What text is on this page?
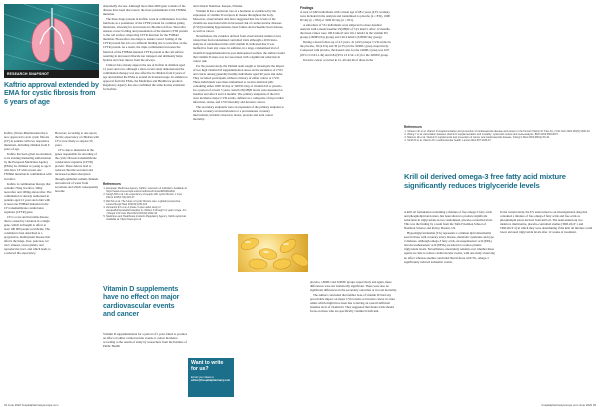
RESEARCH SNAPSHOT
Kaftrio approval extended by EMA for cystic fibrosis from 6 years of age

Kaftrio (Vertex Pharmaceuticals) is now approved to treat cystic fibrosis (CF) in patients with two responsive mutations, including children from 6 years of age.

Kaftrio has been given an extension to its existing marketing authorisation by the European Medicines Agency (EMA) for children as young as age 6 who have CF with at least one F508del mutation in combination with ivacaftor.

Kaftrio is combination therapy that contains 75mg ivacaftor, 50mg tezacaftor and 100mg elexacaftor. The combination is already authorised in patients aged 12 years and older with at least one F508del mutation in the CF transmembrane conductance regulator (CFTR) gene.

CF is a rare and incurable disease that is caused by variation in a single gene, which is thought to affect at least 100 000 people worldwide. The condition is best described as a progressive, multisystem disease that affects the lungs, liver, pancreas, GI tract, sinuses, sweat glands, and reproductive tract, and which leads to a reduced life expectancy.

However, according to one report, the life expectancy of children with CF is now likely to surpass 50 years.

CF is due to mutations in the genes responsible for encoding of the cystic fibrosis transmembrane conductance regulator (CFTR) protein. These defects lead to reduced chloride secretion and increased sodium absorption through epithelial sodium channels and removal of water from secretions and which consequently become

abnormally viscous. Although more than 2000 gene variants of the disease have been discovered, the most predominant is the F508del mutation.

The three drugs present in Kaftrio work in combination. Ivacaftor functions as a potentiator of the CFTR protein for common gating mutations, allowing for an increase in chloride ion flow. Tezacaftor ensures correct folding and presentation of the mutant CFTR protein to the cell surface, improving CFTR function for the F508del mutation. Elexacaftor also helps to ensure correct folding of the CFTR protein but acts at a different binding site to tezacaftor on the CFTR protein. As a result, the triple combination increases the function of the F508del-mutated CFTR protein at the cell surface resulting in increased chloride ion transport and ultimately helps hydrate and clear mucus from the airways.

Clinical data already support the use of Kaftrio in children aged 12 years and over, although a more recent study demonstrated the combination therapy was also effective in children from 6 years of age and enabled the EMA to extend its licensed usage. In addition to approval from the EMA, the Medicines and Healthcare products Regulatory Agency has also confirmed the same license extension for Kaftrio.

References
1. European Medicines Agency. Kaftrio: extension of indication. Available at: https://www.ema.europa.eu/en/medicines/human/EPAR/kaftrio
2. Keogh RH et al. Life expectancy of people with cystic fibrosis. J Cyst Fibros 2018;17(2):218-27.
3. Bell SC et al. The future of cystic fibrosis care: a global perspective. Lancet Respir Med 2020;8(1):65-124.
4. Zemanick ET et al. A phase 3 open-label study of elexacaftor/tezacaftor/ivacaftor in children 6 through 11 years of age. Am J Respir Crit Care Med 2021;203(12):1522-32.
5. Medicines and Healthcare products Regulatory Agency. Kaftrio approval. Available at: https://www.gov.uk
Vitamin D supplements have no effect on major cardiovascular events and cancer

Vitamin D supplementation for a period of 5 years failed to produce an effect on either cardiovascular events or cancer incidence according to the results of study by researchers from the Institute of Public Health

Want to write for us?
Email your ideas to
editor@hospitalpharmacy.com

and Clinical Nutrition, Kuopio, Finland.

Vitamin D has a universal role as a hormone as evidenced by the expression of vitamin D receptors in tissues throughout the body. Moreover, observational data have suggested that low levels of the vitamin are associated with an increased risk of cardiovascular diseases (CVD) including hypertension, heart failure and ischaemic heart disease, as well as cancer.

Nevertheless, the evidence derived from observational studies is less robust than from randomised controlled trials although a 2019 meta-analysis of randomised trials with vitamin D, indicated that it was ineffective from any cause. In addition, in a large, randomised trial of vitamin D supplementation in post-menopausal women, the authors found that vitamin D alone was not associated with a significant reduction in cancer risk.

For the present study, the Finnish team sought to investigate the impact of two high vitamin D3 supplementation doses on the incidence of CVD and cancer among generally healthy individuals aged 60 years and older. They recruited participants without a history of either cancer or CVD. These individuals were then randomised to receive identical pills containing either 1600 IU/day or 3200 IU/day of vitamin D3 or placebo for a period of at least 5 years. Serum 25(OH)D levels were measured at baseline and after 6 and 12 months. The primary endpoints of the trial were incidence major CVD events, defined as a composite of myocardial infarction, stroke, and CVD mortality and invasive cancer.

The secondary endpoints were an expansion of the primary endpoint to include coronary revascularisation or a percutaneous coronary intervention, incident colorectal, breast, prostate and total cancer mortality.

Findings

A total of 2495 individuals with a mean age of 68.2 years (43% women) were included in the analysis and randomised to placebo (n = 832), 1600 IU/day (n = 832) or 3200 IU/day (n = 831).

A subcohort of 551 individuals were subjected to more detailed analysis with a mean baseline 25(OH)D of 74.5 nmol/l. After 12 months, the mean values were 100.6 nmol/l and 116.1 nmol/l in the vitamin D3 groups (1600IU/day group) and 120.4 nmol/l (3200IU/day group).

During a mean follow-up of 4.3 years, 41 (4.9%) major CVD events in the placebo, 38 (4.6%) and 36 (4.3%) in the 3200IU group respectively. Compared with placebo, the hazard ratio for the 1600IU group was 0.97 (95% CI 0.63-1.49) and 0.84 (95% CI 0.54-1.31) for the 3200IU group.

Invasive cancer occurred in 41, 49 and 46 of those in the

placebo, 1600IU and 3200IU groups respectively and again, these differences were not statistically significant. There were also no significant differences in the secondary outcomes or in total mortality.

The authors concluded that neither dose of vitamin D3 had any perceivable impact on major CVD events or invasive cancer in older adults which might have been due to having an overall sufficient baseline level of vitamin D. They suggested that future trials should focus on those who are specifically vitamin D deficient.

References
1. Virtanen JK et al. Vitamin D supplementation and prevention of cardiovascular disease and cancer in the Finnish Vitamin D Trial. Am J Clin Nutr 2022;115(5):1300-10.
2. Zhang Y et al. Association between vitamin D supplementation and mortality: systematic review and meta-analysis. BMJ 2019;366:l4673.
3. Manson JE et al. Vitamin D supplements and prevention of cancer and cardiovascular disease. N Engl J Med 2019;380(1):33-44.
4. Smith M et al. Vitamin D in cardiovascular health. Lancet 2021;397:1435-47.
Krill oil derived omega-3 free fatty acid mixture significantly reduces triglyceride levels

A krill oil formulation containing a mixture of free omega-3 fatty acids and phospholipid and esters, has been shown to produce significant reductions in triglycerides in two randomised, placebo-controlled trials. This was the finding by a team from the Tufts Friedman School of Nutrition Science and Policy, Boston, US.

Hypertriglyceridaemia (TG) represents a common lipid abnormality seen in those with coronary artery disease, metabolic syndrome and type 2 diabetes. Although omega-3 fatty acids, eicosapentaenoic acid (EPA) and docosahexaenoic acid (DHA) are known to reduce plasma triglyceride levels. Nevertheless, uncertainty remains over whether these agents are able to reduce cardiovascular events, with one study observing no effect whereas another concluded that in those with TG, omega-3 significantly reduced ischaemic events.

In the current study, the US team turned to an investigational drug that contained a mixture of free omega-3 fatty acids and free acids as phospholipid esters derived from krill oil. The team undertook two identical, multicentre, placebo-controlled studies (TRILOGY 1 and TRILOGY 2) in which they were determining if the krill oil mixture could lower elevated triglyceride levels after 12 weeks of treatment.

34 June 2022 hospitalpharmacyeurope.com	hospitalpharmacyeurope.com June 2022 35
